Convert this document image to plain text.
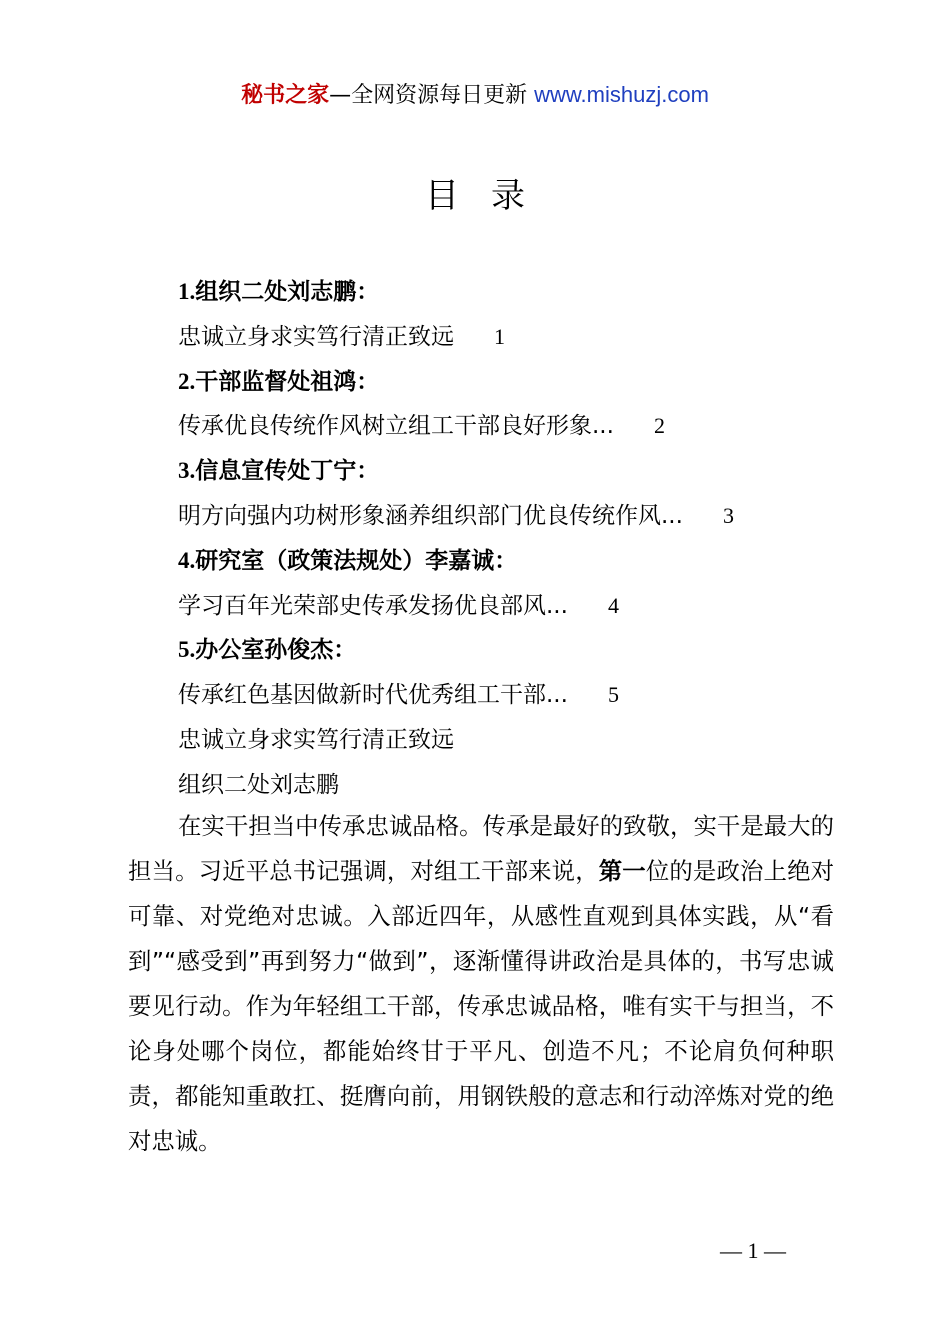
秘书之家—全网资源每日更新 www.mishuzj.com
目 录
1.组织二处刘志鹏：
忠诚立身求实笃行清正致远 1
2.干部监督处祖鸿：
传承优良传统作风树立组工干部良好形象... 2
3.信息宣传处丁宁：
明方向强内功树形象涵养组织部门优良传统作风... 3
4.研究室（政策法规处）李嘉诚：
学习百年光荣部史传承发扬优良部风... 4
5.办公室孙俊杰：
传承红色基因做新时代优秀组工干部... 5
忠诚立身求实笃行清正致远
组织二处刘志鹏
在实干担当中传承忠诚品格。传承是最好的致敬，实干是最大的担当。习近平总书记强调，对组工干部来说，第一位的是政治上绝对可靠、对党绝对忠诚。入部近四年，从感性直观到具体实践，从“看到”“感受到”再到努力“做到”，逐渐懂得讲政治是具体的，书写忠诚要见行动。作为年轻组工干部，传承忠诚品格，唯有实干与担当，不论身处哪个岗位，都能始终甘于平凡、创造不凡；不论肩负何种职责，都能知重敢扛、挺膺向前，用钢铁般的意志和行动淬炼对党的绝对忠诚。
— 1 —
